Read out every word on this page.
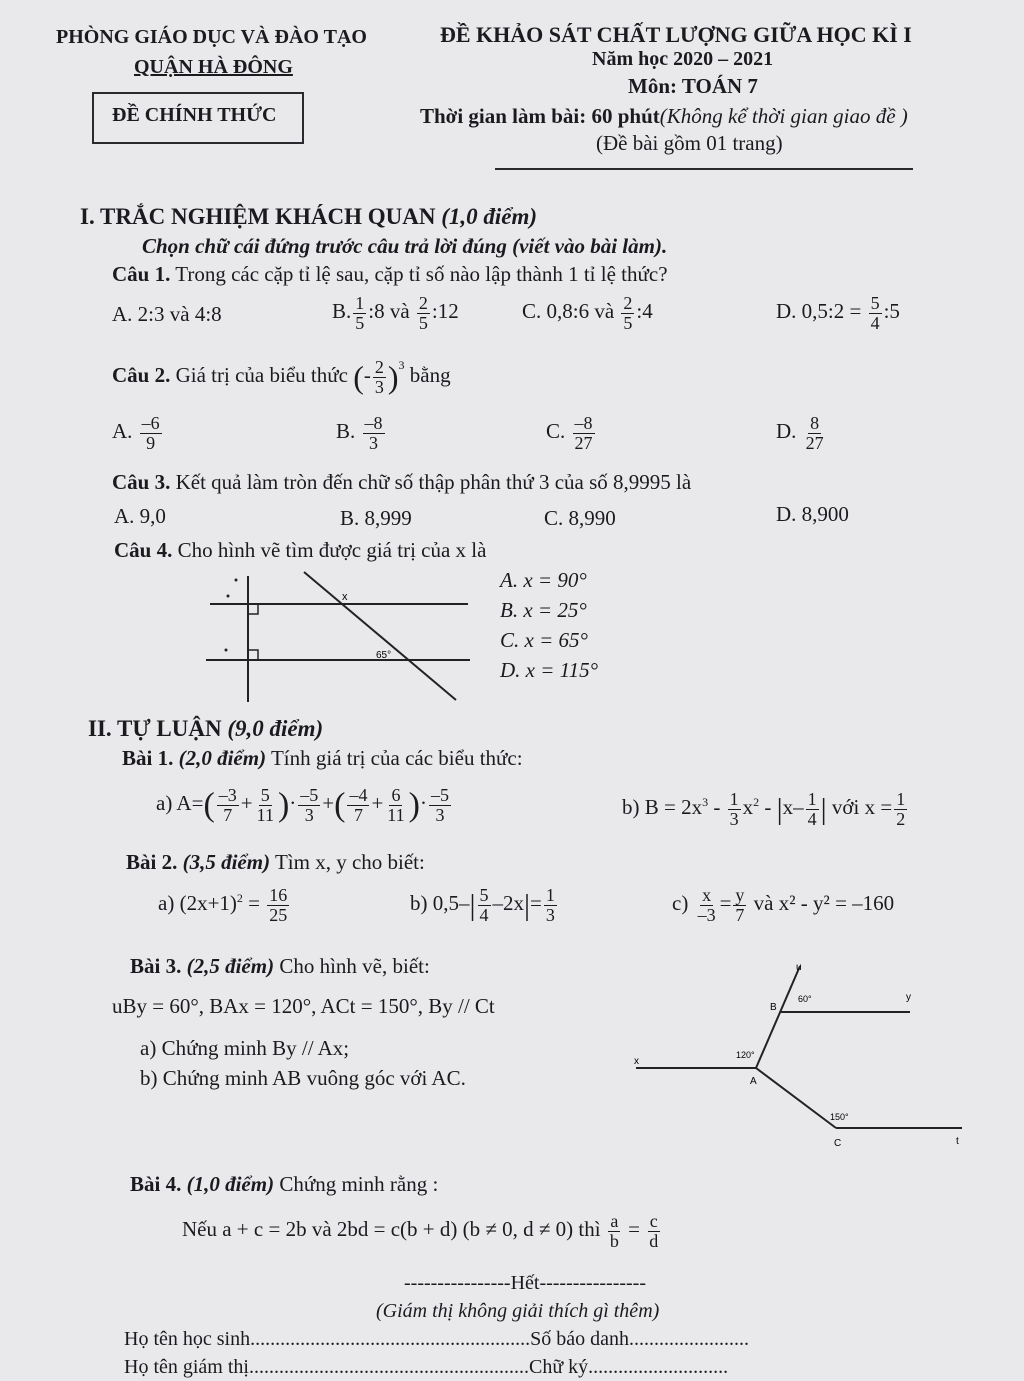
PHÒNG GIÁO DỤC VÀ ĐÀO TẠO
QUẬN HÀ ĐÔNG
ĐỀ CHÍNH THỨC
ĐỀ KHẢO SÁT CHẤT LƯỢNG GIỮA HỌC KÌ I
Năm học 2020 – 2021
Môn: TOÁN 7
Thời gian làm bài: 60 phút(Không kể thời gian giao đề )
(Đề bài gồm 01 trang)
I. TRẮC NGHIỆM KHÁCH QUAN (1,0 điểm)
Chọn chữ cái đứng trước câu trả lời đúng (viết vào bài làm).
Câu 1. Trong các cặp tỉ lệ sau, cặp tỉ số nào lập thành 1 tỉ lệ thức?
A. 2:3 và 4:8	B. $\frac{1}{5}$ :8 và $\frac{2}{5}$ :12	C. 0,8:6 và $\frac{2}{5}$ :4	D. 0,5:2 = $\frac{5}{4}$ :5
Câu 2. Giá trị của biểu thức (- $\frac{2}{3} )^3$ bằng
A. $\frac{-6}{9}$	B. $\frac{-8}{3}$	C. $\frac{-8}{27}$	D. $\frac{8}{27}$
Câu 3. Kết quả làm tròn đến chữ số thập phân thứ 3 của số 8,9995 là
A. 9,0	B. 8,999	C. 8,990	D. 8,900
Câu 4. Cho hình vẽ tìm được giá trị của x là
x
65°
A. x = 90°
B. x = 25°
C. x = 65°
D. x = 115°
II. TỰ LUẬN (9,0 điểm)
Bài 1. (2,0 điểm) Tính giá trị của các biểu thức:
a) $A=( \frac{-3}{7} + \frac{5}{11}$ )· $\frac{-5}{3}$ +( $\frac{-4}{7} + \frac{6}{11}$ )· $\frac{-5}{3}$	b) $B = 2x^3 - \frac{1}{3} x^2 - |x- \frac{1}{4}$ | với $x = \frac{1}{2}$
Bài 2. (3,5 điểm) Tìm x, y cho biết:
a) $(2x+1)^2 = \frac{16}{25}$	b) $0,5-| \frac{5}{4} -2x|= \frac{1}{3}$	$c) \frac{x}{-3} = \frac{y}{7}$ và x² - y² = –160
Bài 3. (2,5 điểm) Cho hình vẽ, biết:
uBy = 60°, BAx = 120°, ACt = 150°, By // Ct
a) Chứng minh By // Ax;
b) Chứng minh AB vuông góc với AC.
u
B
y
x
A
C	t
60°
120°
150°
Bài 4. (1,0 điểm) Chứng minh rằng :
Nếu a + c = 2b và 2bd = c(b + d) (b ≠ 0, d ≠ 0) thì $\frac{a}{b} = \frac{c}{d}$
----------------Hết----------------
(Giám thị không giải thích gì thêm)
Họ tên học sinh........................................................Số báo danh........................
Họ tên giám thị........................................................Chữ ký............................
